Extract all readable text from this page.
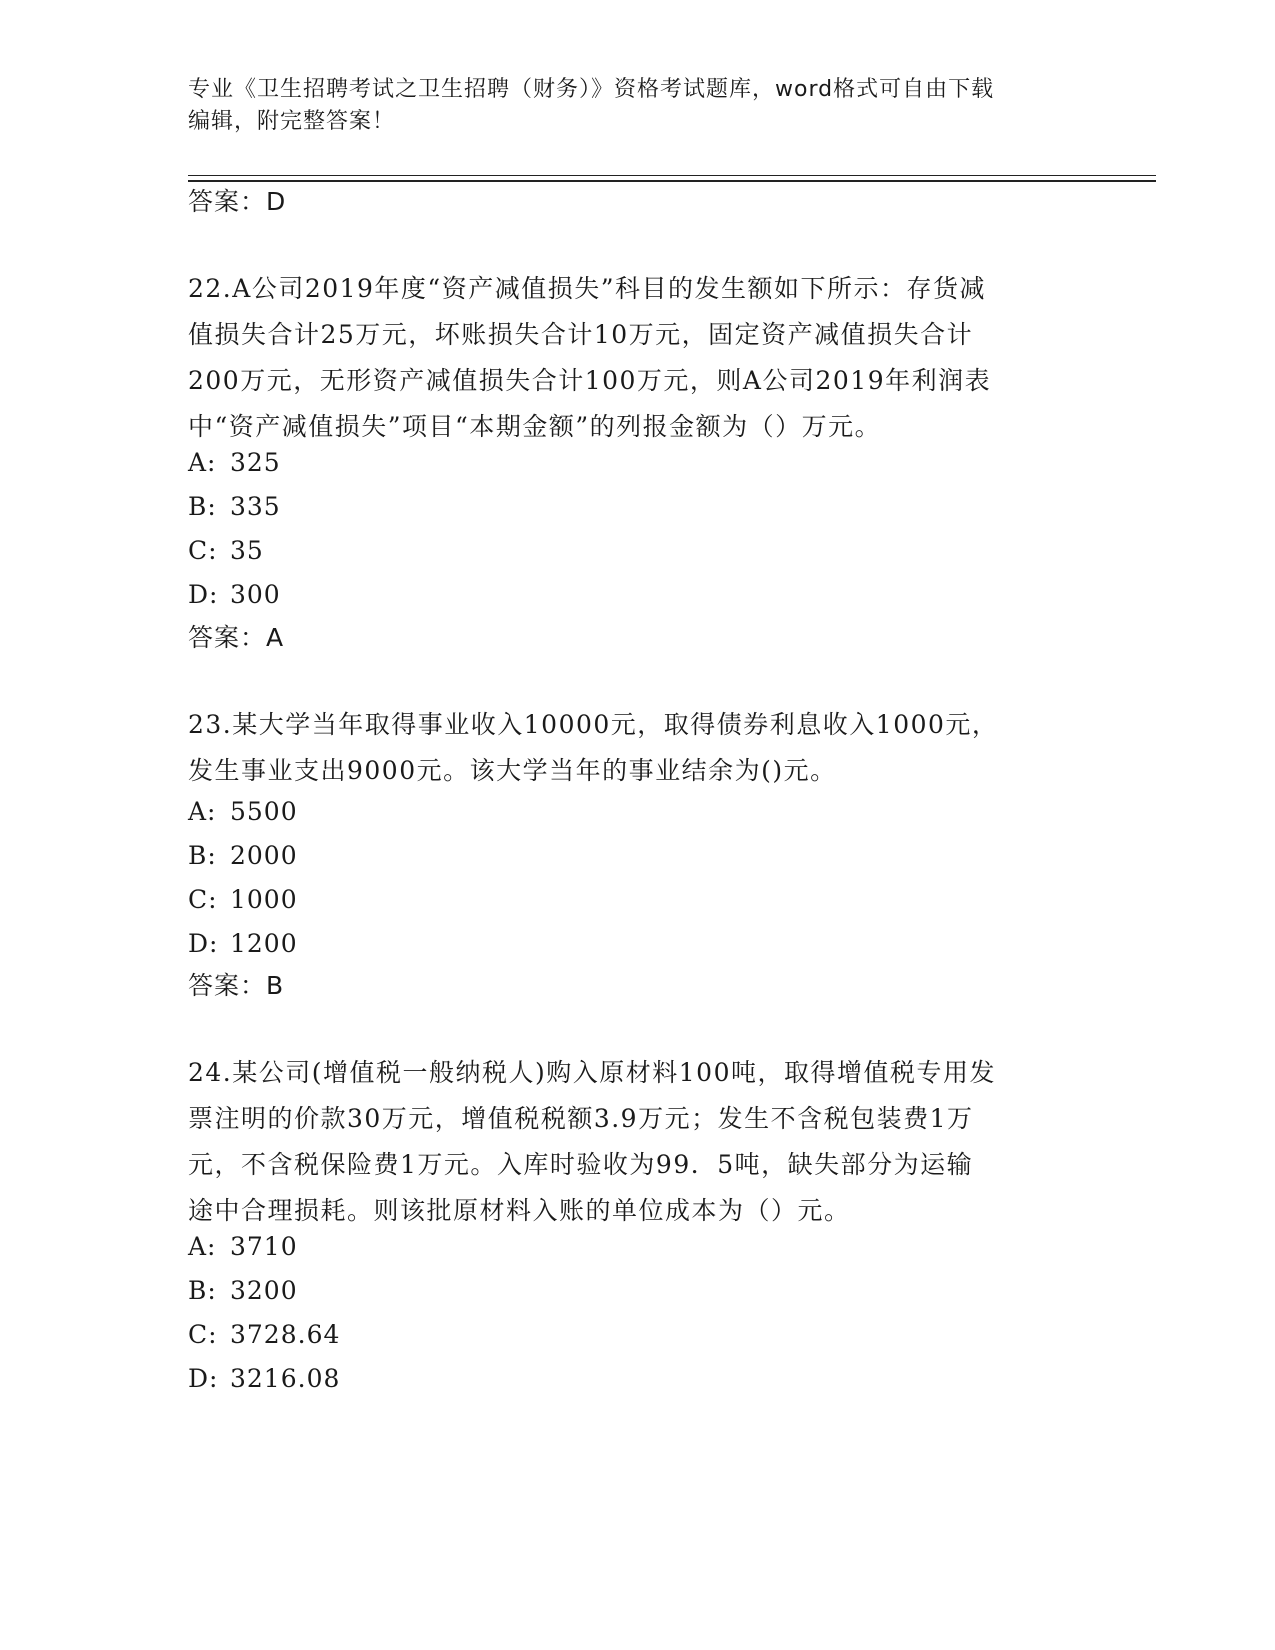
专业《卫生招聘考试之卫生招聘（财务）》资格考试题库，word格式可自由下载
编辑，附完整答案！
答案：D
22.A公司2019年度“资产减值损失”科目的发生额如下所示：存货减
值损失合计25万元，坏账损失合计10万元，固定资产减值损失合计
200万元，无形资产减值损失合计100万元，则A公司2019年利润表
中“资产减值损失”项目“本期金额”的列报金额为（）万元。
A: 325
B: 335
C: 35
D: 300
答案：A
23.某大学当年取得事业收入10000元，取得债券利息收入1000元，
发生事业支出9000元。该大学当年的事业结余为()元。
A: 5500
B: 2000
C: 1000
D: 1200
答案：B
24.某公司(增值税一般纳税人)购入原材料100吨，取得增值税专用发
票注明的价款30万元，增值税税额3.9万元；发生不含税包装费1万
元，不含税保险费1万元。入库时验收为99．5吨，缺失部分为运输
途中合理损耗。则该批原材料入账的单位成本为（）元。
A: 3710
B: 3200
C: 3728.64
D: 3216.08
